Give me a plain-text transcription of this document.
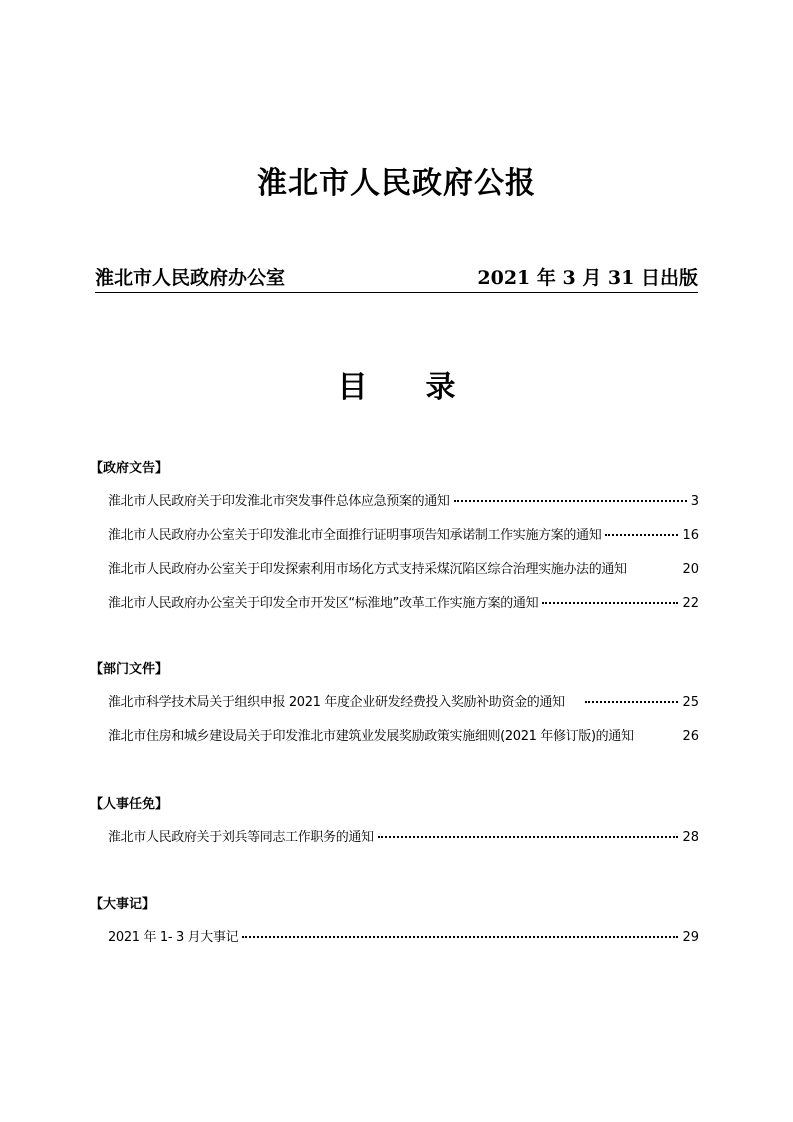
淮北市人民政府公报
淮北市人民政府办公室	2021 年 3 月 31 日出版
目录
【政府文告】
淮北市人民政府关于印发淮北市突发事件总体应急预案的通知	3
淮北市人民政府办公室关于印发淮北市全面推行证明事项告知承诺制工作实施方案的通知	16
淮北市人民政府办公室关于印发探索利用市场化方式支持采煤沉陷区综合治理实施办法的通知	20
淮北市人民政府办公室关于印发全市开发区“标淮地”改革工作实施方案的通知	22
【部门文件】
淮北市科学技术局关于组织申报 2021 年度企业研发经费投入奖励补助资金的通知	25
淮北市住房和城乡建设局关于印发淮北市建筑业发展奖励政策实施细则(2021 年修订版)的通知	26
【人事任免】
淮北市人民政府关于刘兵等同志工作职务的通知	28
【大事记】
2021 年 1- 3 月大事记	29
